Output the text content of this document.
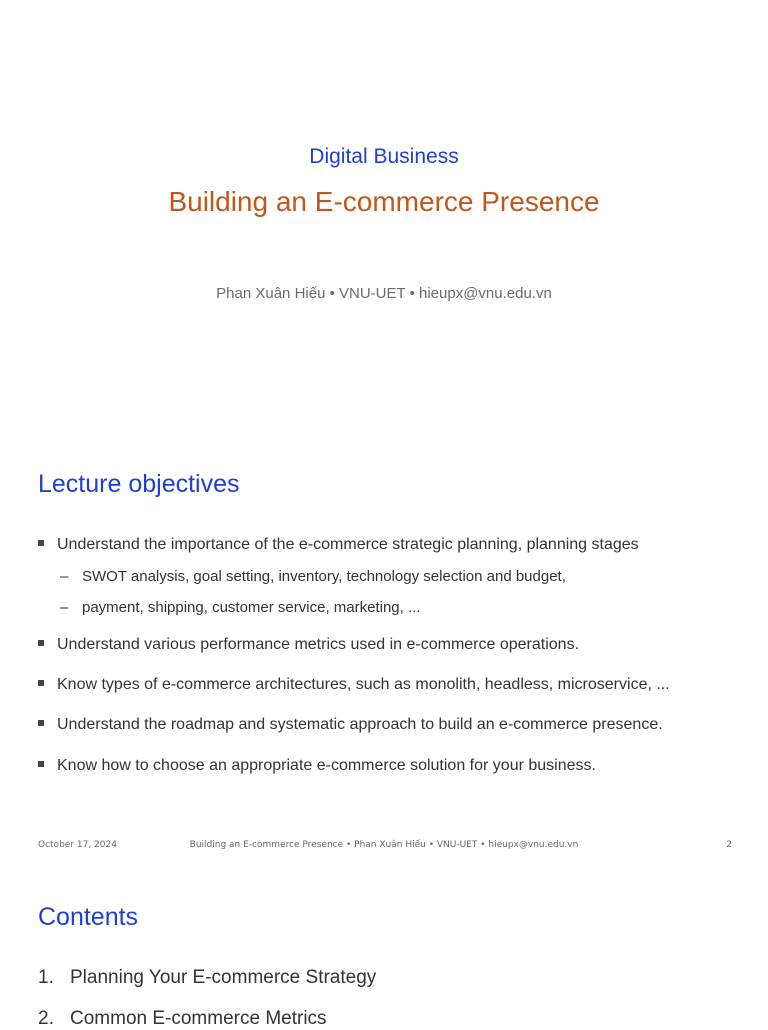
Digital Business
Building an E-commerce Presence
Phan Xuân Hiếu • VNU-UET • hieupx@vnu.edu.vn
Lecture objectives
Understand the importance of the e-commerce strategic planning, planning stages
– SWOT analysis, goal setting, inventory, technology selection and budget,
– payment, shipping, customer service, marketing, ...
Understand various performance metrics used in e-commerce operations.
Know types of e-commerce architectures, such as monolith, headless, microservice, ...
Understand the roadmap and systematic approach to build an e-commerce presence.
Know how to choose an appropriate e-commerce solution for your business.
October 17, 2024	Building an E-commerce Presence • Phan Xuân Hiếu • VNU-UET • hieupx@vnu.edu.vn	2
Contents
1. Planning Your E-commerce Strategy
2. Common E-commerce Metrics
